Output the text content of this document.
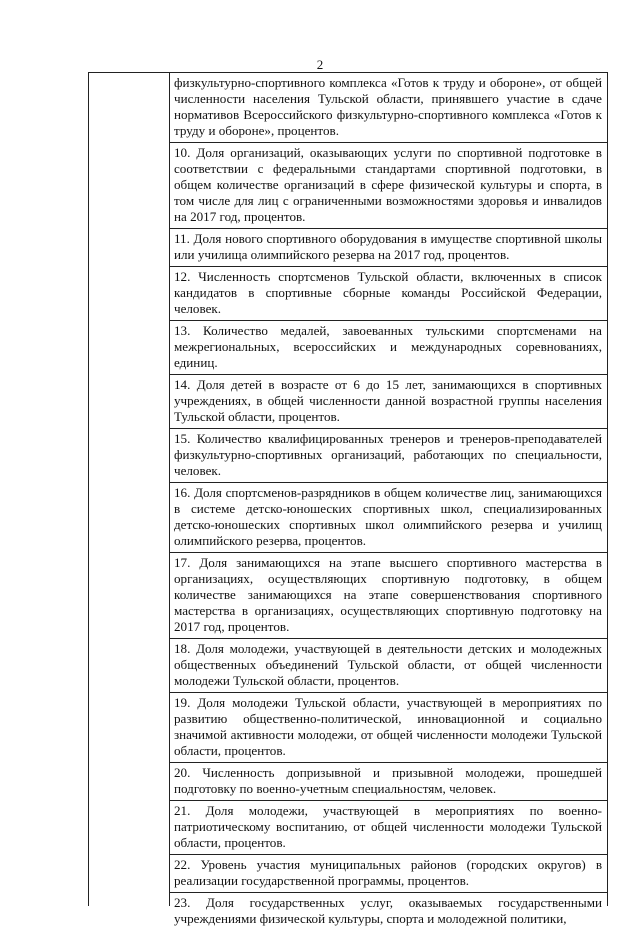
2
физкультурно-спортивного комплекса «Готов к труду и обороне», от общей численности населения Тульской области, принявшего участие в сдаче нормативов Всероссийского физкультурно-спортивного комплекса «Готов к труду и обороне», процентов.
10. Доля организаций, оказывающих услуги по спортивной подготовке в соответствии с федеральными стандартами спортивной подготовки, в общем количестве организаций в сфере физической культуры и спорта, в том числе для лиц с ограниченными возможностями здоровья и инвалидов на 2017 год, процентов.
11. Доля нового спортивного оборудования в имуществе спортивной школы или училища олимпийского резерва на 2017 год, процентов.
12. Численность спортсменов Тульской области, включенных в список кандидатов в спортивные сборные команды Российской Федерации, человек.
13. Количество медалей, завоеванных тульскими спортсменами на межрегиональных, всероссийских и международных соревнованиях, единиц.
14. Доля детей в возрасте от 6 до 15 лет, занимающихся в спортивных учреждениях, в общей численности данной возрастной группы населения Тульской области, процентов.
15. Количество квалифицированных тренеров и тренеров-преподавателей физкультурно-спортивных организаций, работающих по специальности, человек.
16. Доля спортсменов-разрядников в общем количестве лиц, занимающихся в системе детско-юношеских спортивных школ, специализированных детско-юношеских спортивных школ олимпийского резерва и училищ олимпийского резерва, процентов.
17. Доля занимающихся на этапе высшего спортивного мастерства в организациях, осуществляющих спортивную подготовку, в общем количестве занимающихся на этапе совершенствования спортивного мастерства в организациях, осуществляющих спортивную подготовку на 2017 год, процентов.
18. Доля молодежи, участвующей в деятельности детских и молодежных общественных объединений Тульской области, от общей численности молодежи Тульской области, процентов.
19. Доля молодежи Тульской области, участвующей в мероприятиях по развитию общественно-политической, инновационной и социально значимой активности молодежи, от общей численности молодежи Тульской области, процентов.
20. Численность допризывной и призывной молодежи, прошедшей подготовку по военно-учетным специальностям, человек.
21. Доля молодежи, участвующей в мероприятиях по военно-патриотическому воспитанию, от общей численности молодежи Тульской области, процентов.
22. Уровень участия муниципальных районов (городских округов) в реализации государственной программы, процентов.
23. Доля государственных услуг, оказываемых государственными учреждениями физической культуры, спорта и молодежной политики,
